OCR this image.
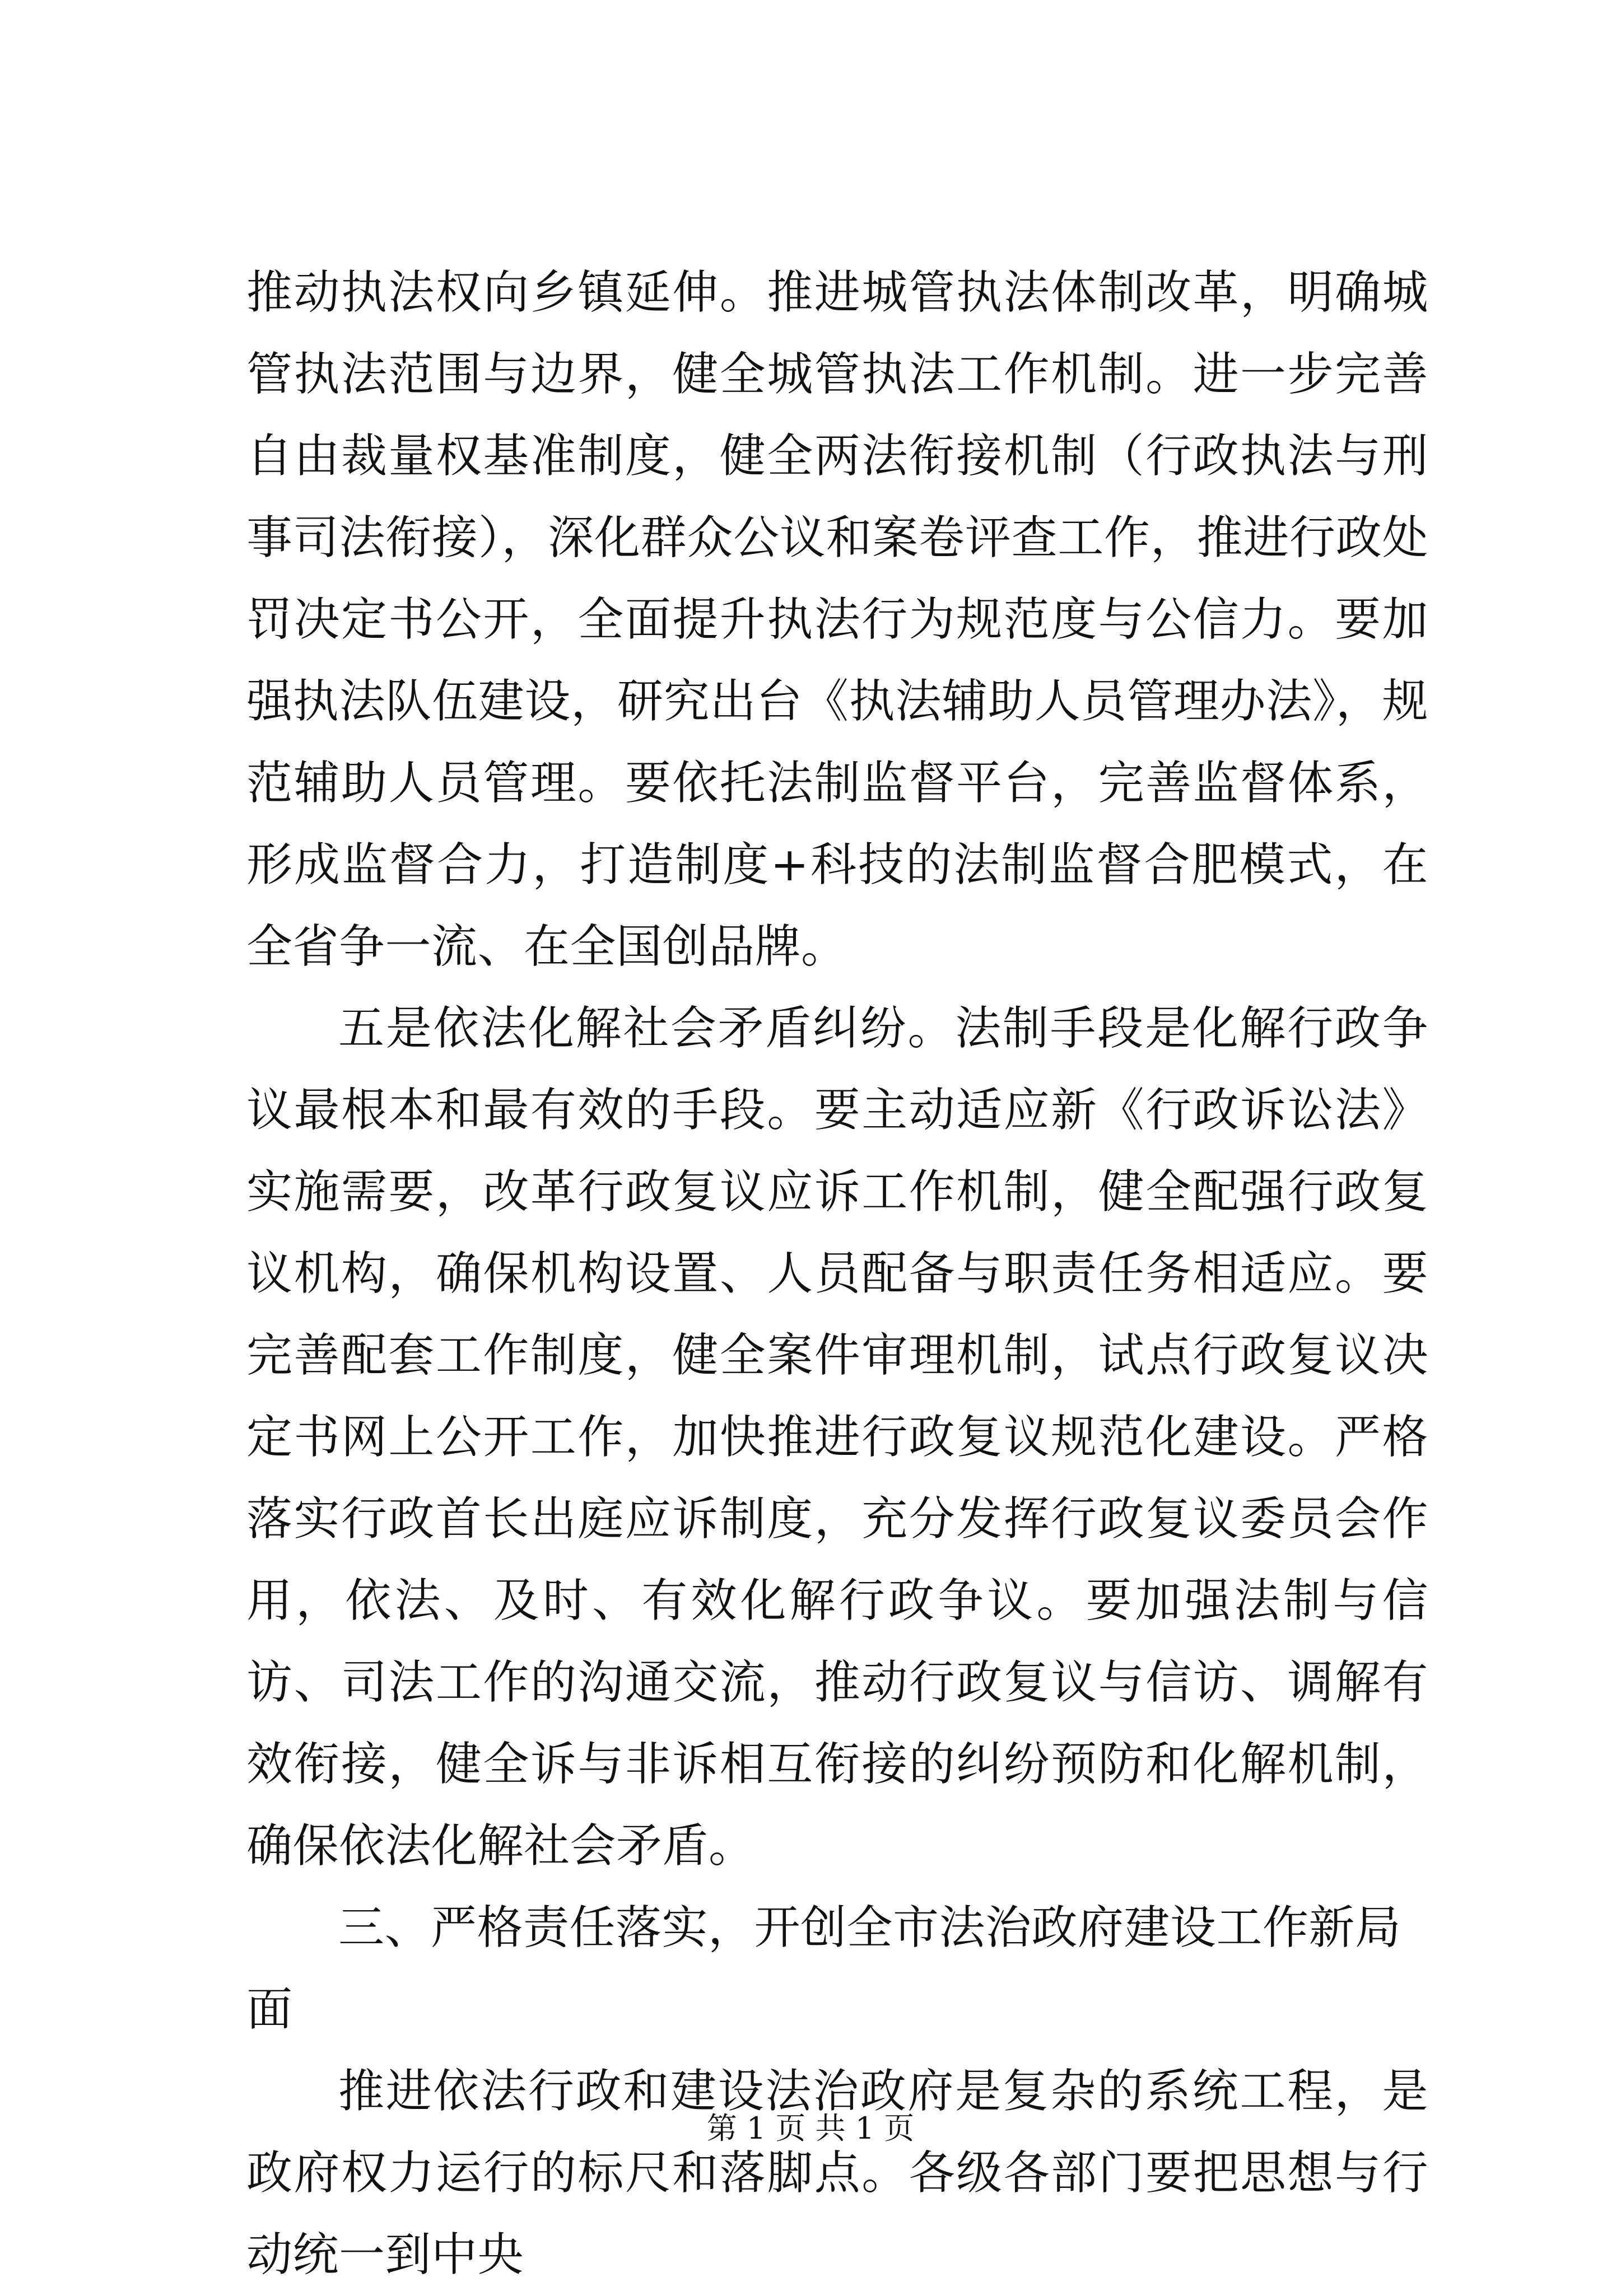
推动执法权向乡镇延伸。推进城管执法体制改革，明确城管执法范围与边界，健全城管执法工作机制。进一步完善自由裁量权基准制度，健全两法衔接机制（行政执法与刑事司法衔接），深化群众公议和案卷评查工作，推进行政处罚决定书公开，全面提升执法行为规范度与公信力。要加强执法队伍建设，研究出台《执法辅助人员管理办法》，规范辅助人员管理。要依托法制监督平台，完善监督体系，形成监督合力，打造制度+科技的法制监督合肥模式，在全省争一流、在全国创品牌。

五是依法化解社会矛盾纠纷。法制手段是化解行政争议最根本和最有效的手段。要主动适应新《行政诉讼法》实施需要，改革行政复议应诉工作机制，健全配强行政复议机构，确保机构设置、人员配备与职责任务相适应。要完善配套工作制度，健全案件审理机制，试点行政复议决定书网上公开工作，加快推进行政复议规范化建设。严格落实行政首长出庭应诉制度，充分发挥行政复议委员会作用，依法、及时、有效化解行政争议。要加强法制与信访、司法工作的沟通交流，推动行政复议与信访、调解有效衔接，健全诉与非诉相互衔接的纠纷预防和化解机制，确保依法化解社会矛盾。

三、严格责任落实，开创全市法治政府建设工作新局面

推进依法行政和建设法治政府是复杂的系统工程，是政府权力运行的标尺和落脚点。各级各部门要把思想与行动统一到中央

第 1 页 共 1 页
